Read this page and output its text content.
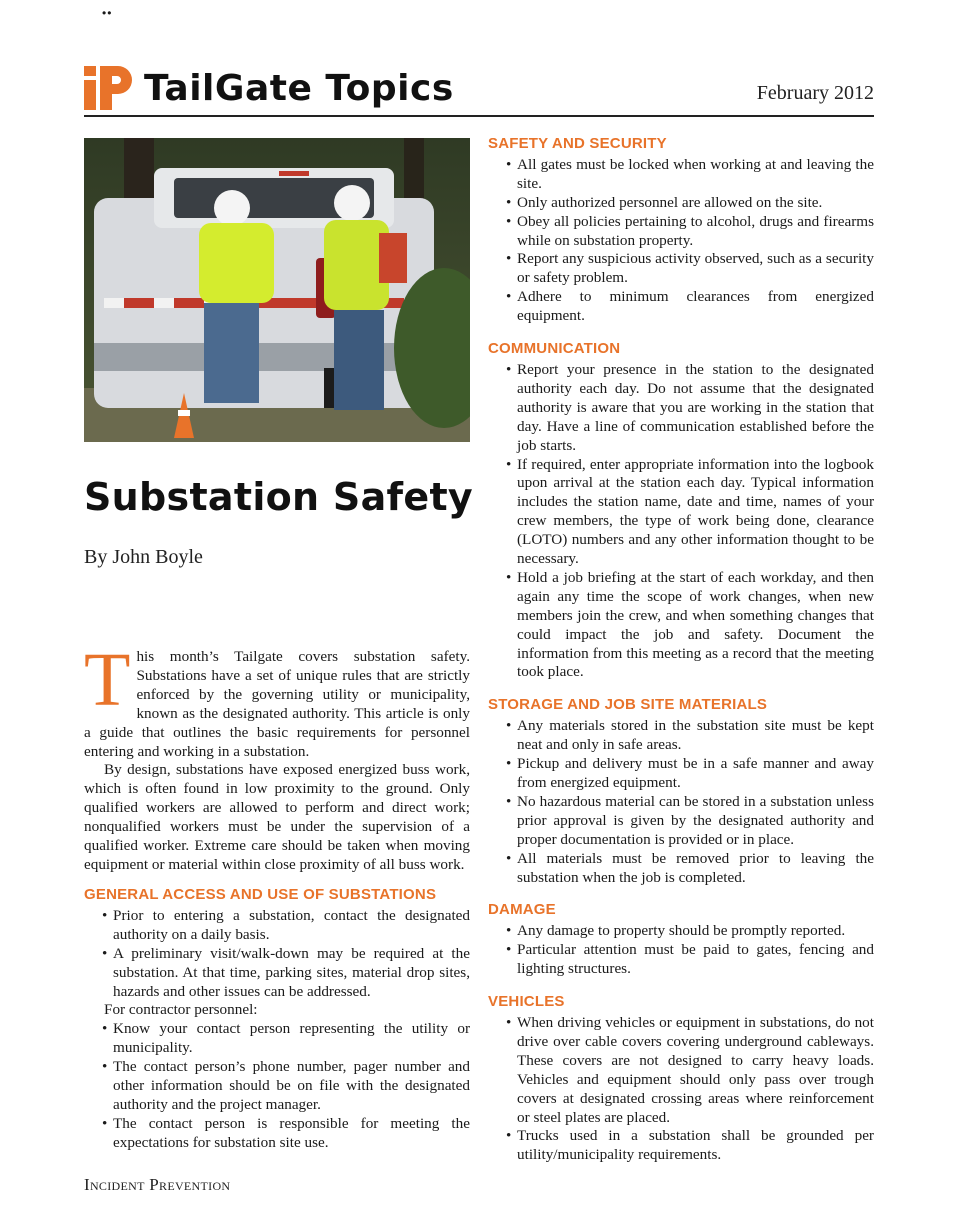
••
TailGate Topics	February 2012
Substation Safety
By John Boyle

This month’s Tailgate covers substation safety. Substations have a set of unique rules that are strictly enforced by the governing utility or municipality, known as the designated authority. This article is only a guide that outlines the basic requirements for personnel entering and working in a substation.

By design, substations have exposed energized buss work, which is often found in low proximity to the ground. Only qualified workers are allowed to perform and direct work; nonqualified workers must be under the supervision of a qualified worker. Extreme care should be taken when moving equipment or material within close proximity of all buss work.

GENERAL ACCESS AND USE OF SUBSTATIONS
• Prior to entering a substation, contact the designated authority on a daily basis.
• A preliminary visit/walk-down may be required at the substation. At that time, parking sites, material drop sites, hazards and other issues can be addressed.

For contractor personnel:

• Know your contact person representing the utility or municipality.
• The contact person’s phone number, pager number and other information should be on file with the designated authority and the project manager.
• The contact person is responsible for meeting the expectations for substation site use.
SAFETY AND SECURITY
• All gates must be locked when working at and leaving the site.
• Only authorized personnel are allowed on the site.
• Obey all policies pertaining to alcohol, drugs and firearms while on substation property.
• Report any suspicious activity observed, such as a security or safety problem.
• Adhere to minimum clearances from energized equipment.
COMMUNICATION
• Report your presence in the station to the designated authority each day. Do not assume that the designated authority is aware that you are working in the station that day. Have a line of communication established before the job starts.
• If required, enter appropriate information into the logbook upon arrival at the station each day. Typical information includes the station name, date and time, names of your crew members, the type of work being done, clearance (LOTO) numbers and any other information thought to be necessary.
• Hold a job briefing at the start of each workday, and then again any time the scope of work changes, when new members join the crew, and when something changes that could impact the job and safety. Document the information from this meeting as a record that the meeting took place.
STORAGE AND JOB SITE MATERIALS
• Any materials stored in the substation site must be kept neat and only in safe areas.
• Pickup and delivery must be in a safe manner and away from energized equipment.
• No hazardous material can be stored in a substation unless prior approval is given by the designated authority and proper documentation is provided or in place.
• All materials must be removed prior to leaving the substation when the job is completed.
DAMAGE
• Any damage to property should be promptly reported.
• Particular attention must be paid to gates, fencing and lighting structures.
VEHICLES
• When driving vehicles or equipment in substations, do not drive over cable covers covering underground cableways. These covers are not designed to carry heavy loads. Vehicles and equipment should only pass over trough covers at designated crossing areas where reinforcement or steel plates are placed.
• Trucks used in a substation shall be grounded per utility/municipality requirements.
Incident Prevention
